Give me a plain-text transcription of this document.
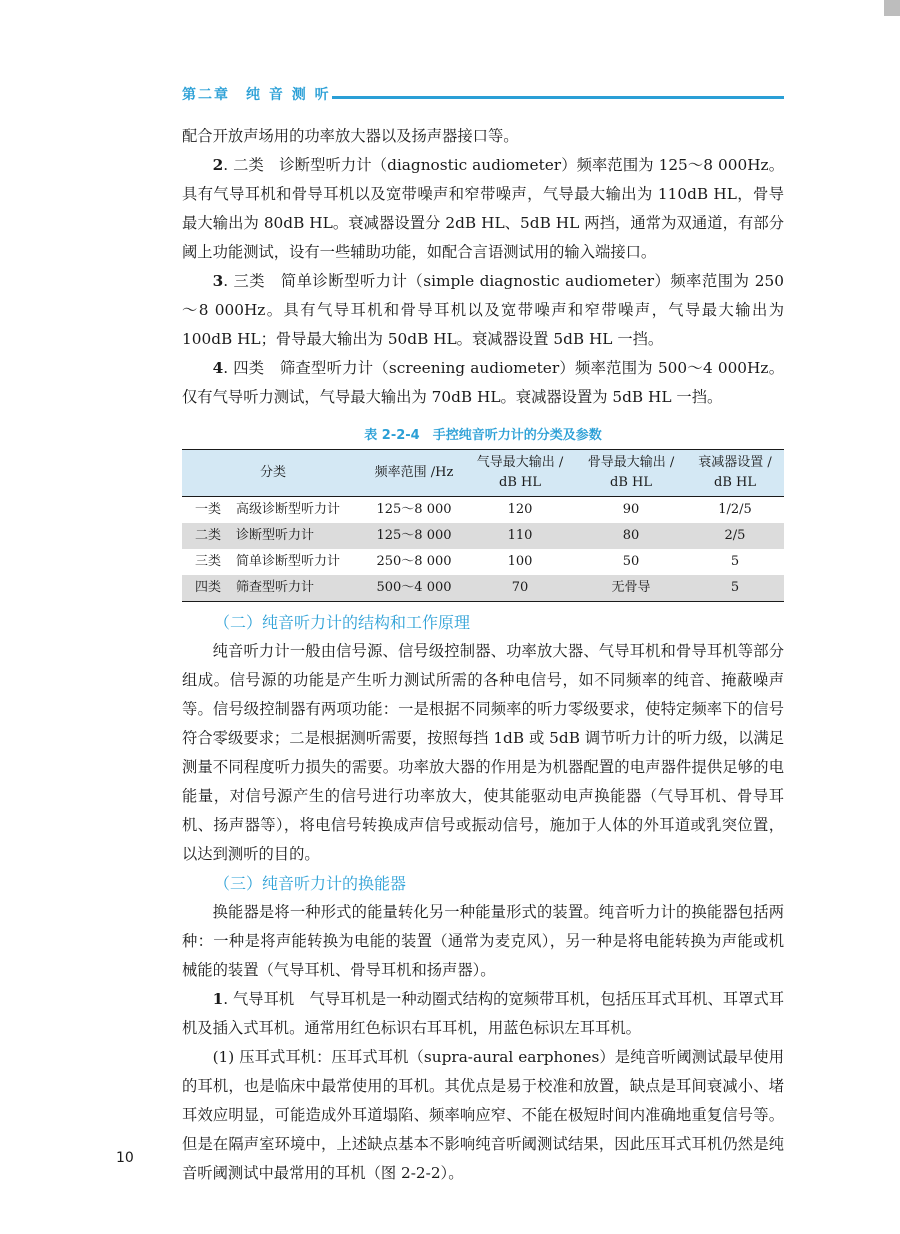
第二章　纯 音 测 听

配合开放声场用的功率放大器以及扬声器接口等。

2. 二类　诊断型听力计（diagnostic audiometer）频率范围为 125～8 000Hz。具有气导耳机和骨导耳机以及宽带噪声和窄带噪声，气导最大输出为 110dB HL，骨导最大输出为 80dB HL。衰减器设置分 2dB HL、5dB HL 两挡，通常为双通道，有部分阈上功能测试，设有一些辅助功能，如配合言语测试用的输入端接口。

3. 三类　简单诊断型听力计（simple diagnostic audiometer）频率范围为 250～8 000Hz。具有气导耳机和骨导耳机以及宽带噪声和窄带噪声，气导最大输出为 100dB HL；骨导最大输出为 50dB HL。衰减器设置 5dB HL 一挡。

4. 四类　筛查型听力计（screening audiometer）频率范围为 500～4 000Hz。仅有气导听力测试，气导最大输出为 70dB HL。衰减器设置为 5dB HL 一挡。

表 2-2-4　手控纯音听力计的分类及参数
分类		频率范围 /Hz	气导最大输出 /
dB HL	骨导最大输出 /
dB HL	衰减器设置 /
dB HL
一类	高级诊断型听力计	125～8 000	120	90	1/2/5
二类	诊断型听力计	125～8 000	110	80	2/5
三类	简单诊断型听力计	250～8 000	100	50	5
四类	筛查型听力计	500～4 000	70	无骨导	5
（二）纯音听力计的结构和工作原理

纯音听力计一般由信号源、信号级控制器、功率放大器、气导耳机和骨导耳机等部分组成。信号源的功能是产生听力测试所需的各种电信号，如不同频率的纯音、掩蔽噪声等。信号级控制器有两项功能：一是根据不同频率的听力零级要求，使特定频率下的信号符合零级要求；二是根据测听需要，按照每挡 1dB 或 5dB 调节听力计的听力级，以满足测量不同程度听力损失的需要。功率放大器的作用是为机器配置的电声器件提供足够的电能量，对信号源产生的信号进行功率放大，使其能驱动电声换能器（气导耳机、骨导耳机、扬声器等），将电信号转换成声信号或振动信号，施加于人体的外耳道或乳突位置，以达到测听的目的。

（三）纯音听力计的换能器

换能器是将一种形式的能量转化另一种能量形式的装置。纯音听力计的换能器包括两种：一种是将声能转换为电能的装置（通常为麦克风），另一种是将电能转换为声能或机械能的装置（气导耳机、骨导耳机和扬声器）。

1. 气导耳机　气导耳机是一种动圈式结构的宽频带耳机，包括压耳式耳机、耳罩式耳机及插入式耳机。通常用红色标识右耳耳机，用蓝色标识左耳耳机。

(1) 压耳式耳机：压耳式耳机（supra-aural earphones）是纯音听阈测试最早使用的耳机，也是临床中最常使用的耳机。其优点是易于校准和放置，缺点是耳间衰减小、堵耳效应明显，可能造成外耳道塌陷、频率响应窄、不能在极短时间内准确地重复信号等。但是在隔声室环境中，上述缺点基本不影响纯音听阈测试结果，因此压耳式耳机仍然是纯音听阈测试中最常用的耳机（图 2-2-2）。

10
